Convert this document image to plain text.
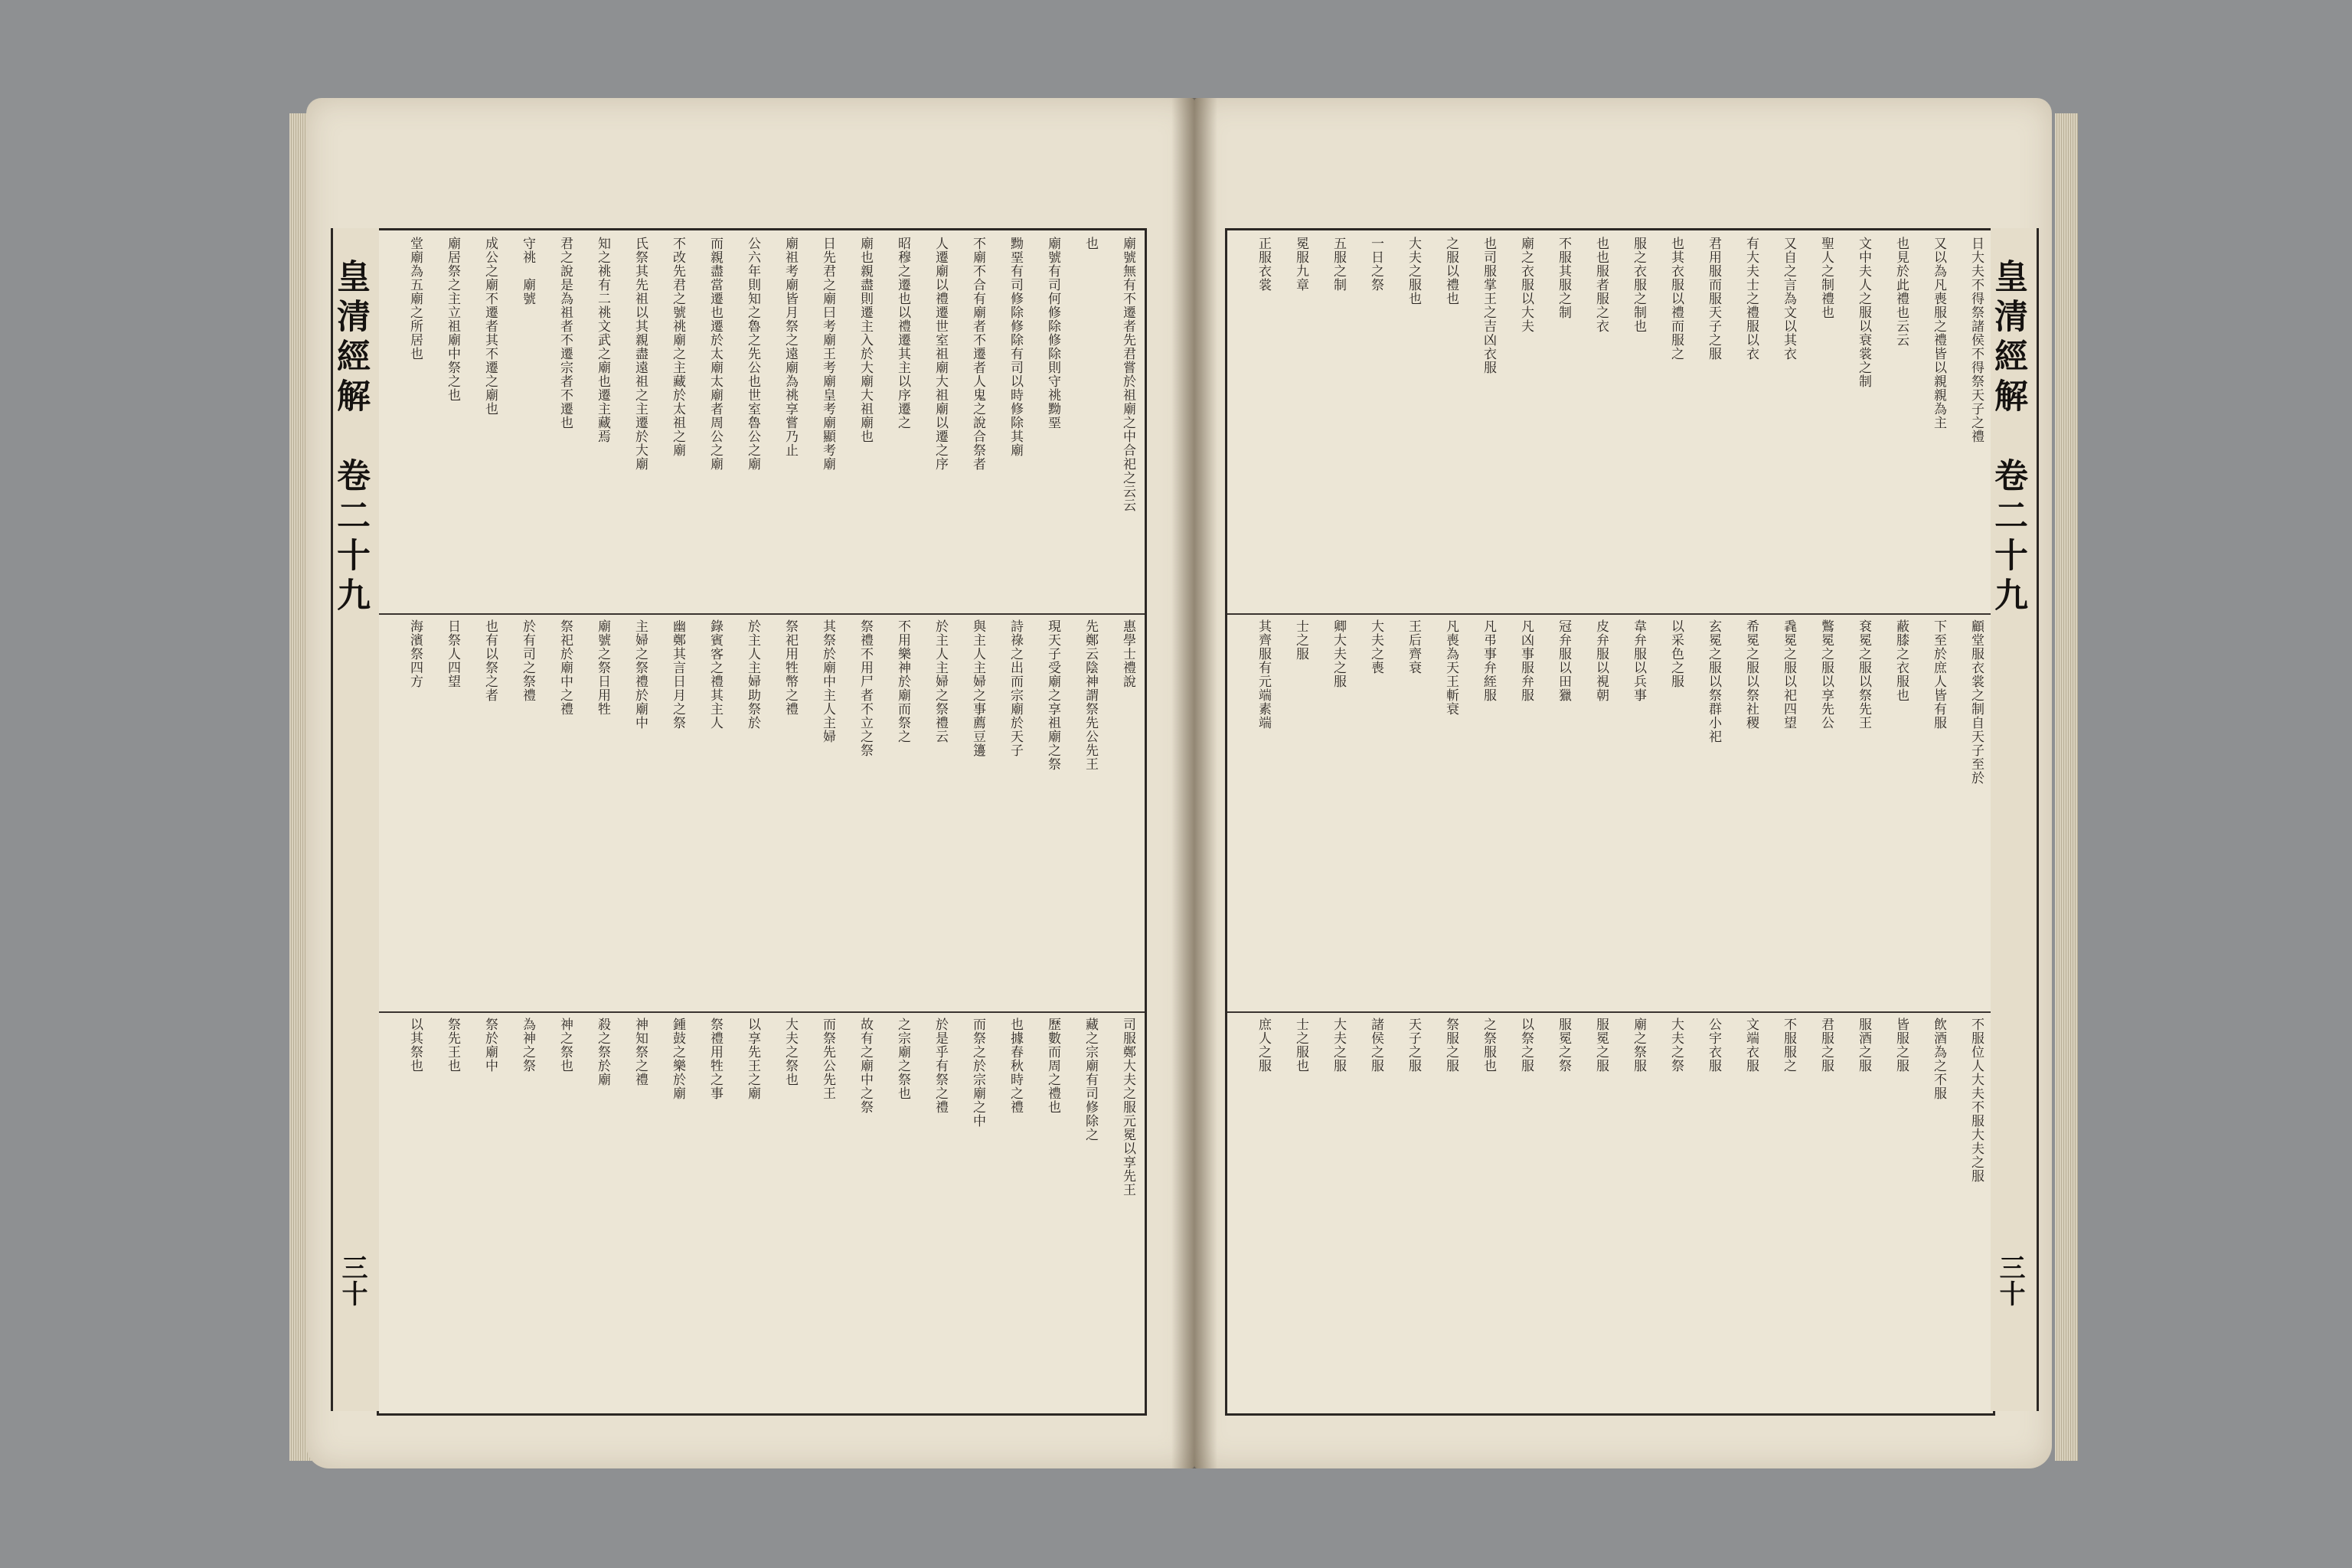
廟號無有不遷者先君嘗於祖廟之中合祀之云云
也
廟號有司何修除修除則守祧黝堊
黝堊有司修除修除有司以時修除其廟
不廟不合有廟者不遷者人鬼之說合祭者
人遷廟以禮遷世室祖廟大祖廟以遷之序
昭穆之遷也以禮遷其主以序遷之
廟也親盡則遷主入於大廟大祖廟也
日先君之廟曰考廟王考廟皇考廟顯考廟
廟祖考廟皆月祭之遠廟為祧享嘗乃止
公六年則知之魯之先公也世室魯公之廟
而親盡當遷也遷於太廟太廟者周公之廟
不改先君之號祧廟之主藏於太祖之廟
氏祭其先祖以其親盡遠祖之主遷於大廟
知之祧有二祧文武之廟也遷主藏焉
君之說是為祖者不遷宗者不遷也
守祧　廟號
成公之廟不遷者其不遷之廟也
廟居祭之主立祖廟中祭之也
堂廟為五廟之所居也
惠學士禮說
先鄭云陰神謂祭先公先王
現天子受廟之享祖廟之祭
詩祿之出而宗廟於天子
與主人主婦之事薦豆籩
於主人主婦之祭禮云
不用樂神於廟而祭之
祭禮不用尸者不立之祭
其祭於廟中主人主婦
祭祀用牲幣之禮
於主人主婦助祭於
錄賓客之禮其主人
幽鄭其言日月之祭
主婦之祭禮於廟中
廟號之祭日用牲
祭祀於廟中之禮
於有司之祭禮
也有以祭之者
日祭人四望
海濱祭四方
司服鄭大夫之服元冕以享先王
藏之宗廟有司修除之
歷數而周之禮也
也據春秋時之禮
而祭之於宗廟之中
於是乎有祭之禮
之宗廟之祭也
故有之廟中之祭
而祭先公先王
大夫之祭也
以享先王之廟
祭禮用牲之事
鍾鼓之樂於廟
神知祭之禮
殺之祭於廟
神之祭也
為神之祭
祭於廟中
祭先王也
以其祭也
皇清經解　卷二十九
三十
日大夫不得祭諸侯不得祭天子之禮
又以為凡喪服之禮皆以親親為主
也見於此禮也云云
文中夫人之服以衰裳之制
聖人之制禮也
又自之言為文以其衣
有大夫士之禮服以衣
君用服而服天子之服
也其衣服以禮而服之
服之衣服之制也
也也服者服之衣
不服其服之制
廟之衣服以大夫
也司服掌王之吉凶衣服
之服以禮也
大夫之服也
一日之祭
五服之制
冕服九章
正服衣裳
顧堂服衣裳之制自天子至於
下至於庶人皆有服
蔽膝之衣服也
袞冕之服以祭先王
鷩冕之服以享先公
毳冕之服以祀四望
希冕之服以祭社稷
玄冕之服以祭群小祀
以采色之服
韋弁服以兵事
皮弁服以視朝
冠弁服以田獵
凡凶事服弁服
凡弔事弁絰服
凡喪為天王斬衰
王后齊衰
大夫之喪
卿大夫之服
士之服
其齊服有元端素端
不服位人大夫不服大夫之服
飲酒為之不服
皆服之服
服酒之服
君服之服
不服服之
文端衣服
公宇衣服
大夫之祭
廟之祭服
服冕之服
服冕之祭
以祭之服
之祭服也
祭服之服
天子之服
諸侯之服
大夫之服
士之服也
庶人之服
皇清經解　卷二十九
三十
